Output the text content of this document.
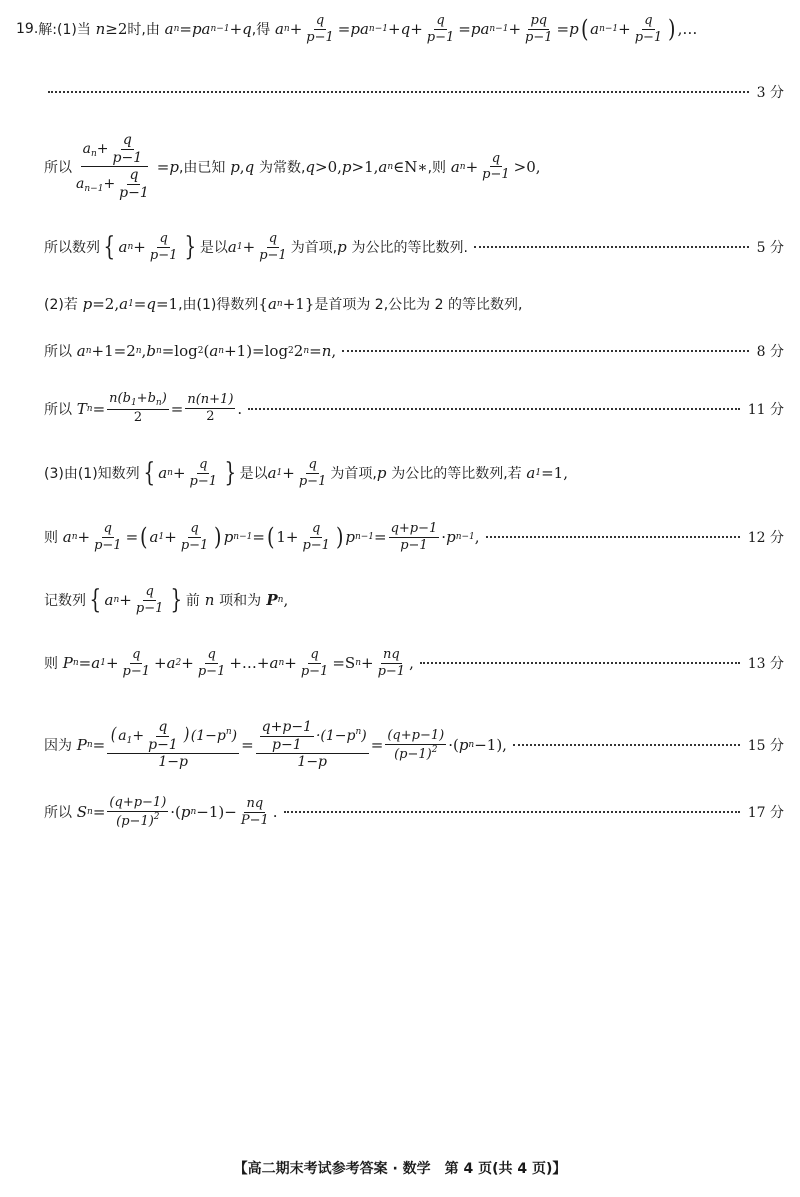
19. 解:(1)当 n ≥2 时,由 a n = pa n−1 + q ,得 a $n + \frac{q}{p-1}$ = pa $n-1 + q + \frac{q}{p-1}$ = pa $n-1 + \frac{pq}{p-1} = p$ ( a $n-1 + \frac{q}{p-1}$ ) ,…
3 分
所以 $\frac{a_n+ \frac{q}{p-1}}{a_{n-1}+ \frac{q}{p-1}} = p$ ,由已知 p , q
为常数, q >0, p >1, a n ∈N∗ ,则 a $n + \frac{q}{p-1} >0$,
所以数列 { a $n + \frac{q}{p-1}$ } 是以 a $1 + \frac{q}{p-1}$ 为首项, p
为公比的等比数列.	5 分
(2)若 p =2, a 1 = q =1 ,由(1)得数列 { a n +1} 是首项为 2,公比为 2 的等比数列,
所以 a n +1=2 n , b n =log 2 ( a n +1)=log 2 2 n = n ,	8 分
所以 T $n = \frac{n(b_1+b_n)}{2} = \frac{n(n+1)}{2}$ .	11 分
(3)由(1)知数列 { a $n + \frac{q}{p-1}$ } 是以 a $1 + \frac{q}{p-1}$ 为首项, p
为公比的等比数列,若 a 1 =1,
则 a $n + \frac{q}{p-1}$ = ( a $1 + \frac{q}{p-1}$ ) p n−1 = ( $1+ \frac{q}{p-1}$ ) p $n-1 = \frac{q+p-1}{p-1} \cdot p$ n−1 ,	12 分
记数列 { a $n + \frac{q}{p-1}$ } 前 n 项和为 P n ,
则 P n = a $1 + \frac{q}{p-1} + a$ $2 + \frac{q}{p-1}$ +…+ a $n + \frac{q}{p-1} =S$ $n + \frac{nq}{p-1}$ ,	13 分
因为 P $n = \frac{( a_1+ \frac{q}{p-1} ) (1-p^n)}{1-p} = \frac{\frac{q+p-1}{p-1} \cdot(1-p^n)}{1-p} = \frac{(q+p-1)}{(p-1)^2}$ ·( p n −1),	15 分
所以 S $n = \frac{(q+p-1)}{(p-1)^2}$ ·( p $n -1)- \frac{nq}{P-1}$ .	17 分
【高二期末考试参考答案 · 数学　第 4 页(共 4 页)】
